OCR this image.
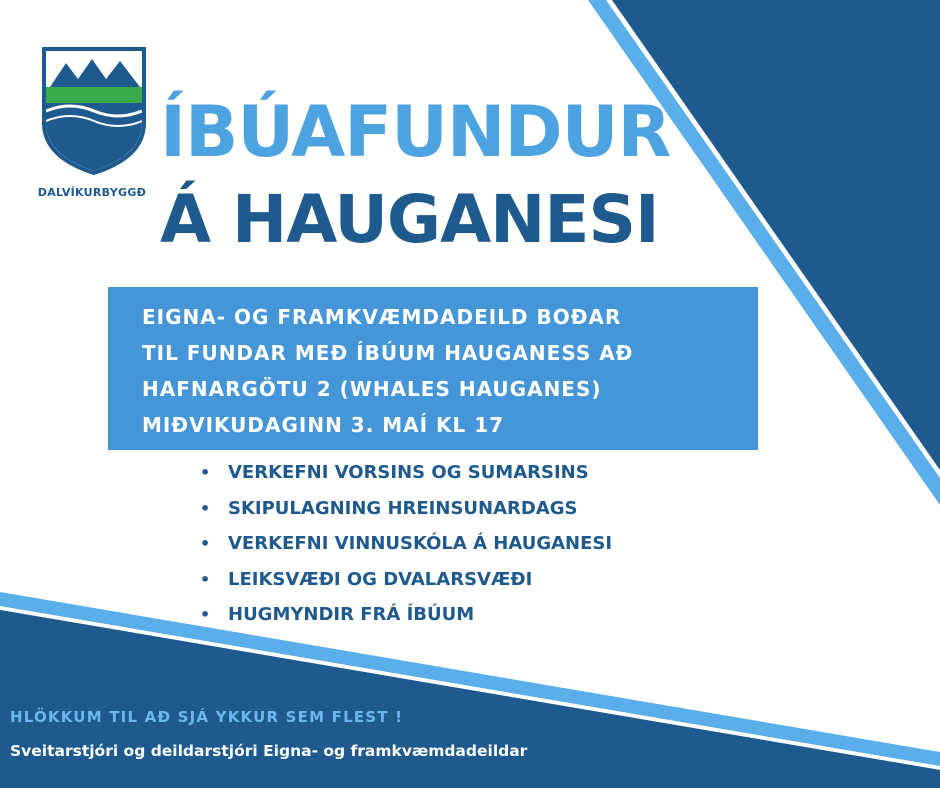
DALVÍKURBYGGÐ
ÍBÚAFUNDUR
Á HAUGANESI
EIGNA- OG FRAMKVÆMDADEILD BOÐAR
TIL FUNDAR MEÐ ÍBÚUM HAUGANESS AÐ
HAFNARGÖTU 2 (WHALES HAUGANES)
MIÐVIKUDAGINN 3. MAÍ KL 17
• VERKEFNI VORSINS OG SUMARSINS
• SKIPULAGNING HREINSUNARDAGS
• VERKEFNI VINNUSKÓLA Á HAUGANESI
• LEIKSVÆÐI OG DVALARSVÆÐI
• HUGMYNDIR FRÁ ÍBÚUM

HLÖKKUM TIL AÐ SJÁ YKKUR SEM FLEST !

Sveitarstjóri og deildarstjóri Eigna- og framkvæmdadeildar
